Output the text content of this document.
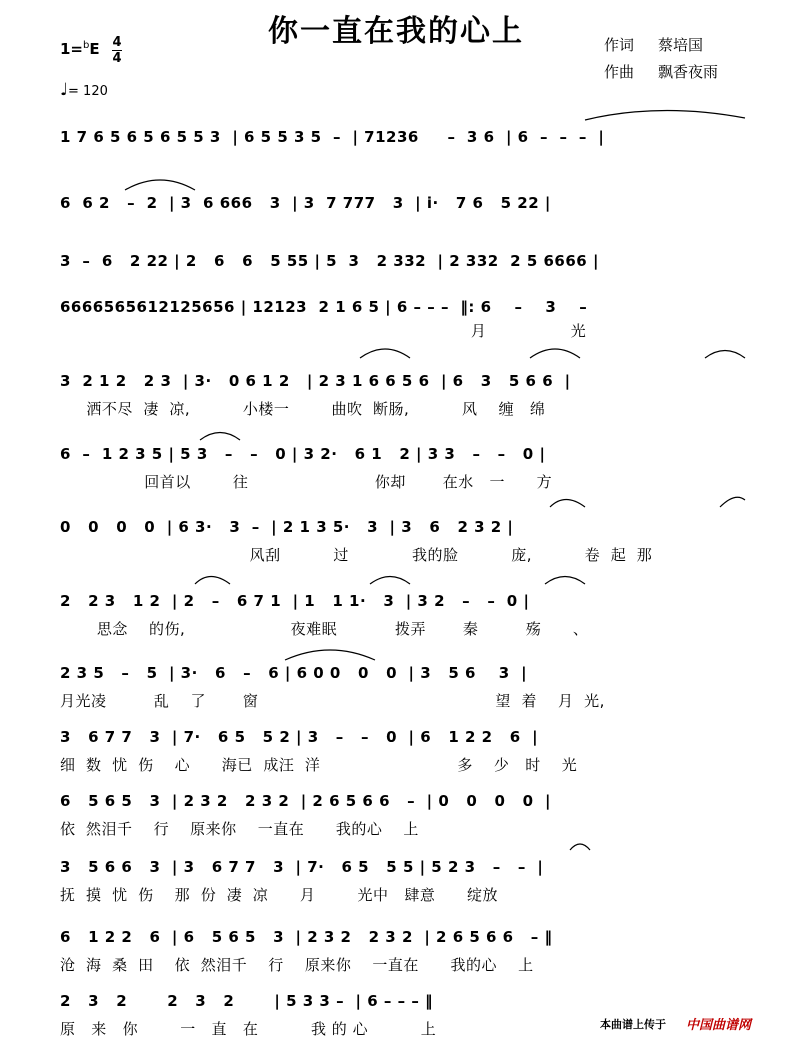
你一直在我的心上	作词 蔡培国
作曲 飘香夜雨
1=$^b$E 4
4
♩= 120
1 7 6 5 6 5 6 5 5 3  | 6 5 5 3 5  –  | 71236     –  3 6  | 6  –  –  –  |
6  6 2   –  2  | 3  6 666   3  | 3  7 777   3  | i·   7 6   5 22 |
3  –  6   2 22 | 2   6   6   5 55 | 5  3   2 332  | 2 332  2 5 6666 |
6666565612125656 | 12123  2 1 6 5 | 6 – – –  ‖: 6    –    3    –
月                光
3  2 1 2   2 3  | 3·   0 6 1 2   | 2 3 1 6 6 5 6  | 6   3   5 6 6  |
洒不尽  凄  凉,          小楼一        曲吹  断肠,          风    缠   绵
6  –  1 2 3 5 | 5 3   –   –   0 | 3 2·   6 1   2 | 3 3   –   –   0 |
回首以        往                        你却       在水   一      方
0   0   0   0  | 6 3·   3  –  | 2 1 3 5·   3  | 3   6   2 3 2 |
风刮          过            我的脸          庞,          卷  起  那
2   2 3   1 2  | 2   –   6 7 1  | 1   1 1·   3  | 3 2   –   –  0 |
思念    的伤,                    夜难眠           拨弄       秦         殇      、
2 3 5   –   5  | 3·   6   –   6 | 6 0 0   0   0  | 3   5 6    3  |
月光凌         乱    了       窗                                             望  着    月  光,
3   6 7 7   3  | 7·   6 5   5 2 | 3   –   –   0  | 6   1 2 2   6  |
细  数  忧  伤    心      海已  成汪  洋                          多    少   时    光
6   5 6 5   3  | 2 3 2   2 3 2  | 2 6 5 6 6   –  | 0   0   0   0  |
依  然泪千    行    原来你    一直在      我的心    上
3   5 6 6   3  | 3   6 7 7   3  | 7·   6 5   5 5 | 5 2 3   –   –  |
抚  摸  忧  伤    那  份  凄  凉      月        光中   肆意      绽放
6   1 2 2   6  | 6   5 6 5   3  | 2 3 2   2 3 2  | 2 6 5 6 6   – ‖
沧  海  桑  田    依  然泪千    行    原来你    一直在      我的心    上
2   3   2       2   3   2       | 5 3 3 –  | 6 – – – ‖
原   来   你        一   直   在          我 的 心          上	本曲谱上传于 中国曲谱网
